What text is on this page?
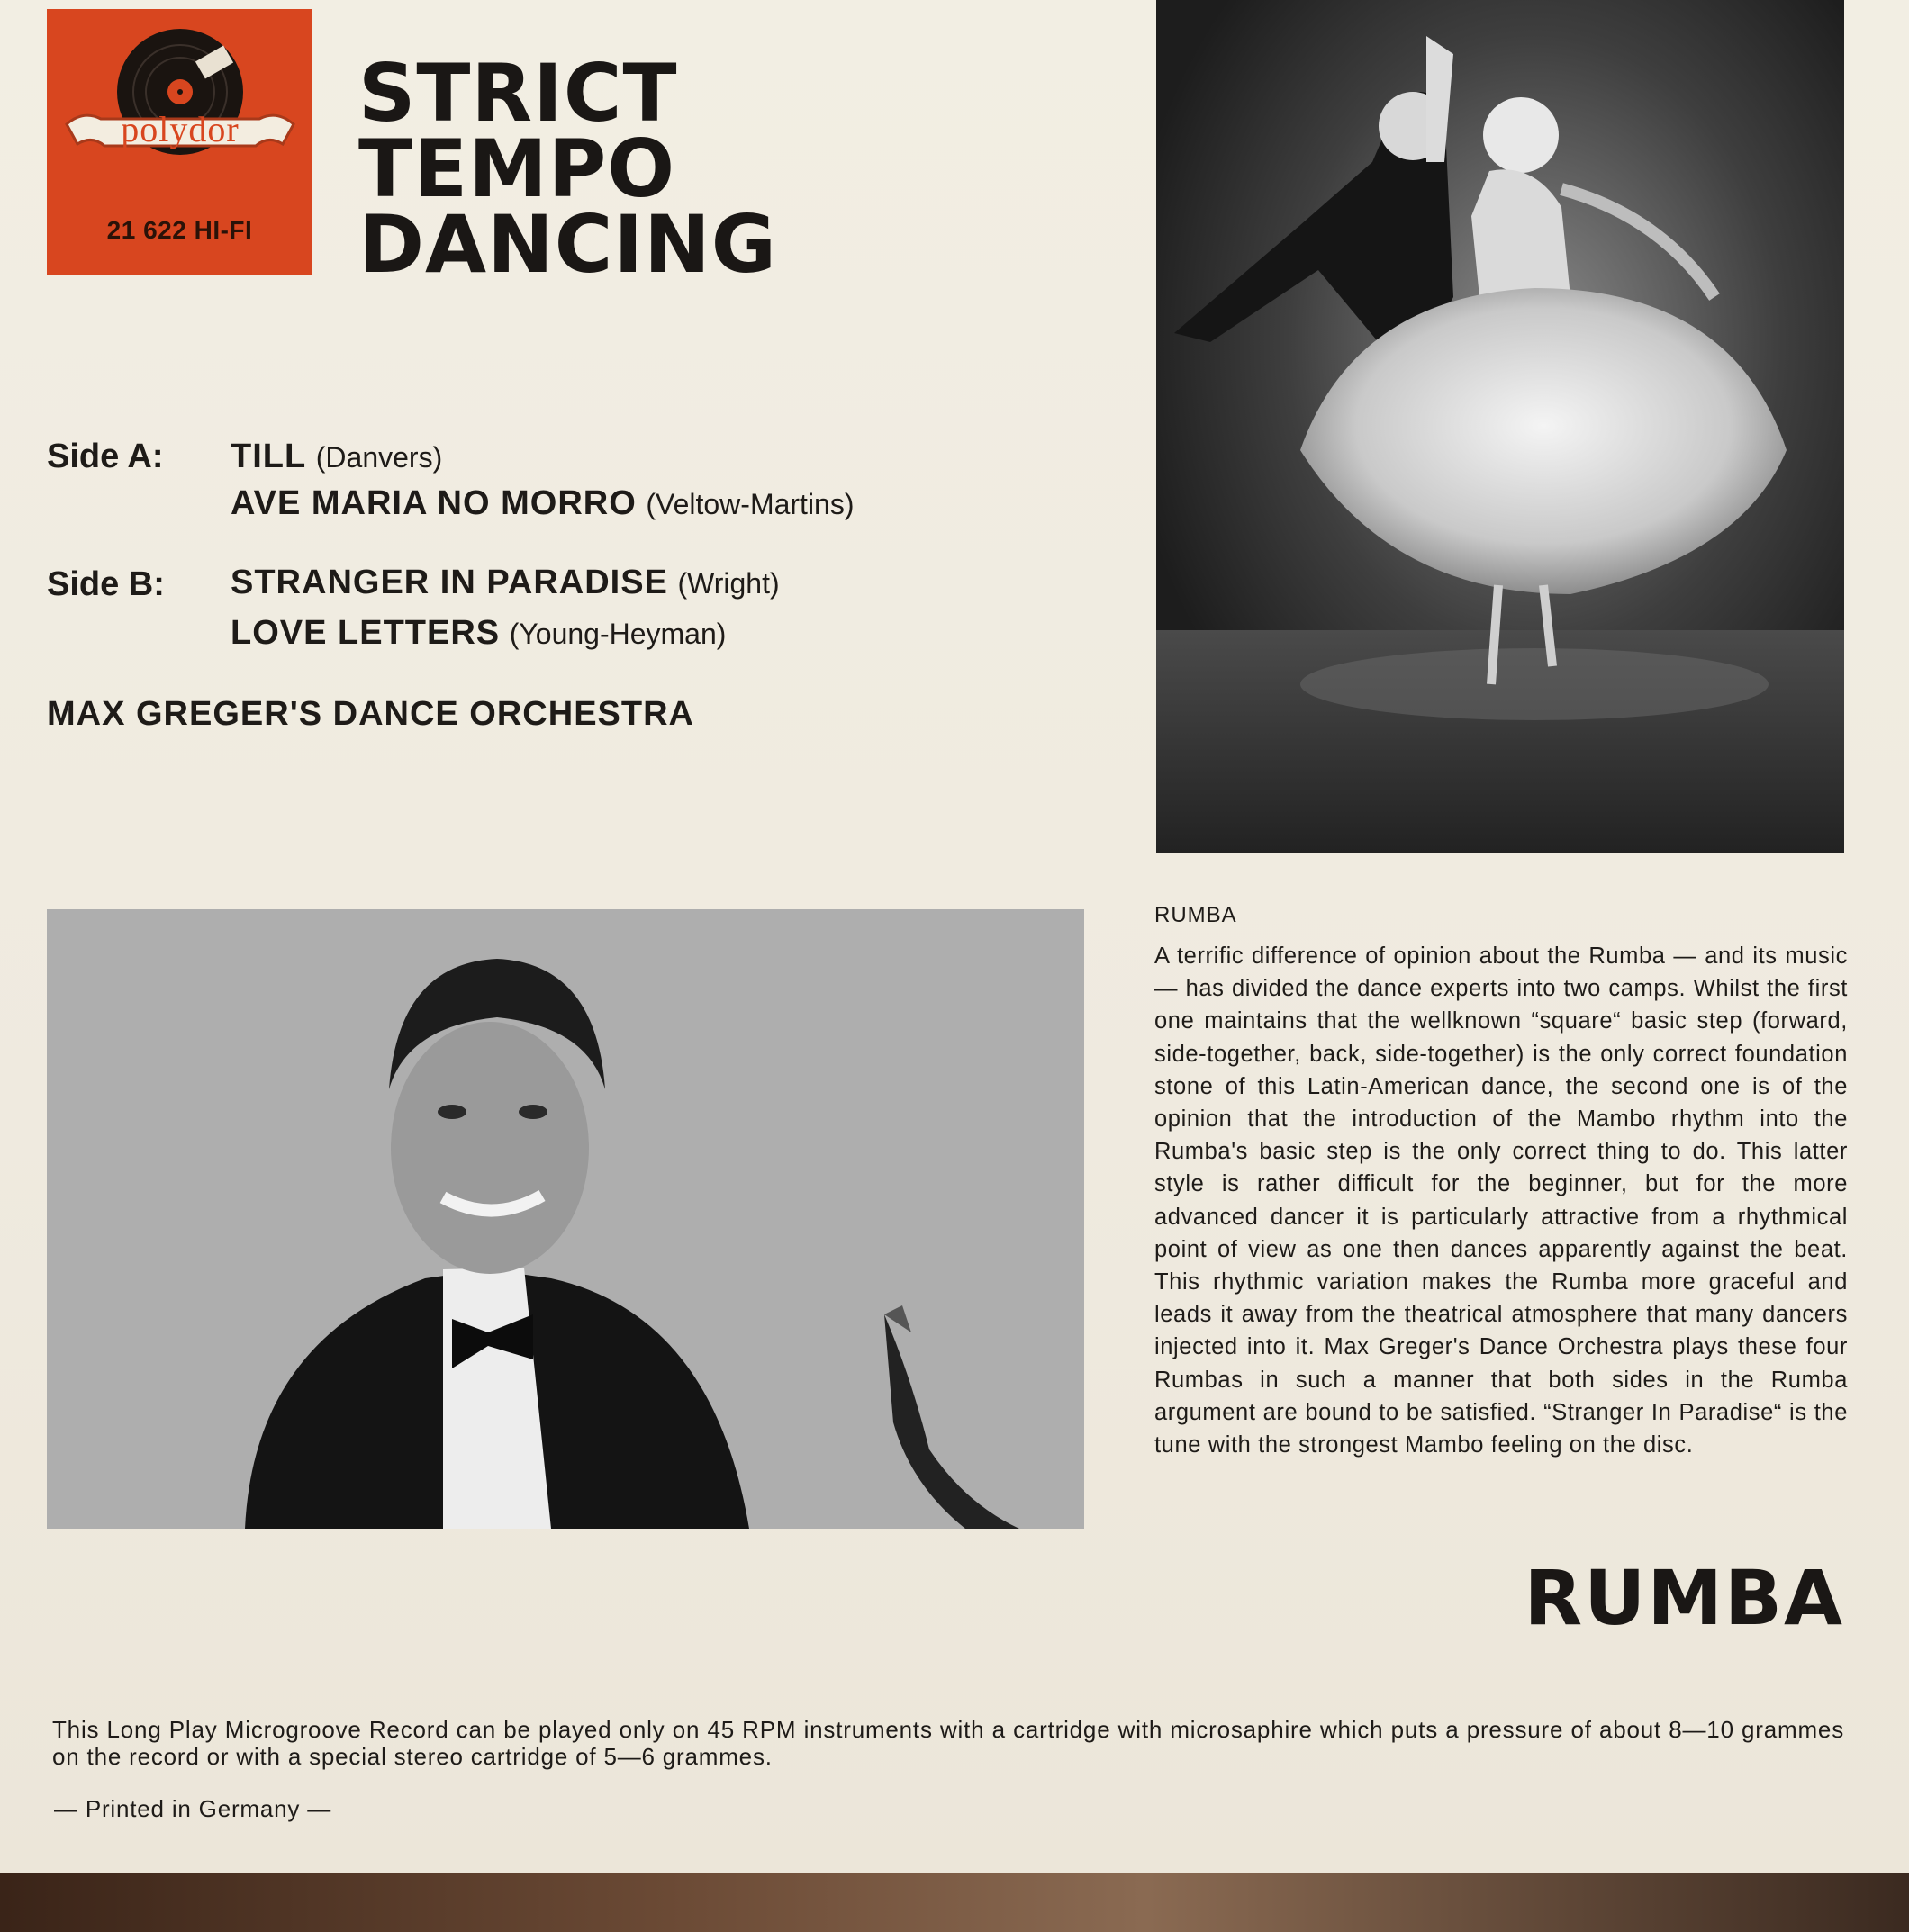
polydor
21 622 HI-FI
STRICT
TEMPO
DANCING
Side A: TILL (Danvers)
AVE MARIA NO MORRO (Veltow-Martins)
Side B: STRANGER IN PARADISE (Wright)
LOVE LETTERS (Young-Heyman)
MAX GREGER'S DANCE ORCHESTRA
RUMBA
A terrific difference of opinion about the Rumba — and its music — has divided the dance experts into two camps. Whilst the first one maintains that the wellknown “square“ basic step (forward, side-together, back, side-together) is the only correct foundation stone of this Latin-American dance, the second one is of the opinion that the introduction of the Mambo rhythm into the Rumba's basic step is the only correct thing to do. This latter style is rather difficult for the beginner, but for the more advanced dancer it is particularly attractive from a rhythmical point of view as one then dances apparently against the beat. This rhythmic variation makes the Rumba more graceful and leads it away from the theatrical atmosphere that many dancers injected into it. Max Greger's Dance Orchestra plays these four Rumbas in such a manner that both sides in the Rumba argument are bound to be satisfied. “Stranger In Paradise“ is the tune with the strongest Mambo feeling on the disc.
RUMBA
This Long Play Microgroove Record can be played only on 45 RPM instruments with a cartridge with microsaphire which puts a pressure of about 8—10 grammes on the record or with a special stereo cartridge of 5—6 grammes.
— Printed in Germany —
